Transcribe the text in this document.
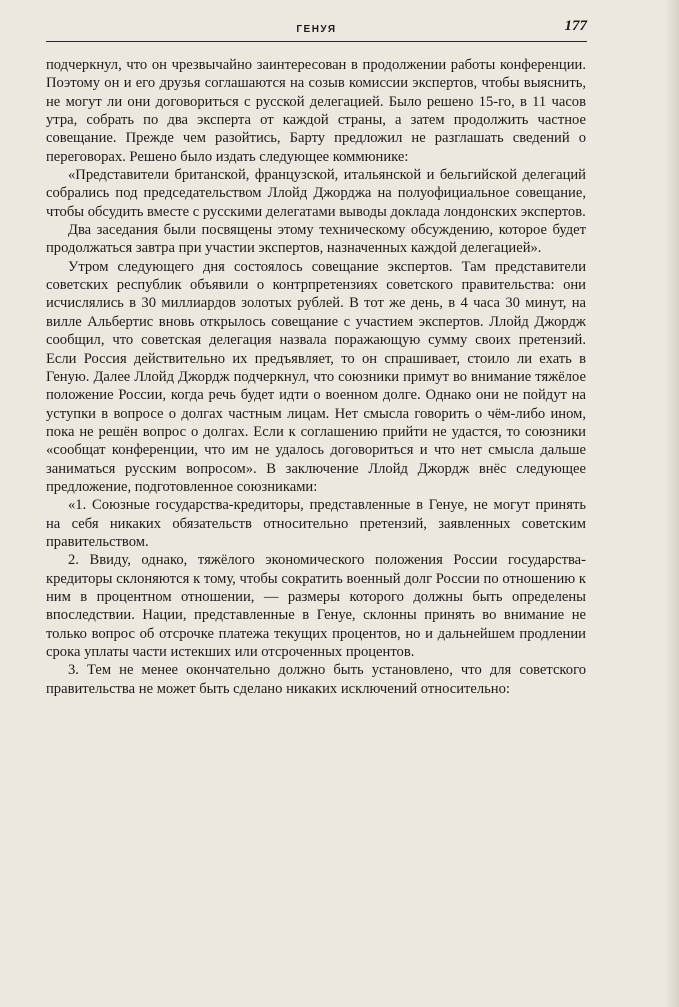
ГЕНУЯ	177

подчеркнул, что он чрезвычайно заинтересован в продолжении работы конференции. Поэтому он и его друзья соглашаются на созыв комиссии экспертов, чтобы выяснить, не могут ли они договориться с русской делегацией. Было решено 15-го, в 11 часов утра, собрать по два эксперта от каждой страны, а затем продолжить частное совещание. Прежде чем разойтись, Барту предложил не разглашать сведений о переговорах. Решено было издать следующее коммюнике:

«Представители британской, французской, итальянской и бельгийской делегаций собрались под председательством Ллойд Джорджа на полуофициальное совещание, чтобы обсудить вместе с русскими делегатами выводы доклада лондонских экспертов.

Два заседания были посвящены этому техническому обсуждению, которое будет продолжаться завтра при участии экспертов, назначенных каждой делегацией».

Утром следующего дня состоялось совещание экспертов. Там представители советских республик объявили о контрпретензиях советского правительства: они исчислялись в 30 миллиардов золотых рублей. В тот же день, в 4 часа 30 минут, на вилле Альбертис вновь открылось совещание с участием экспертов. Ллойд Джордж сообщил, что советская делегация назвала поражающую сумму своих претензий. Если Россия действительно их предъявляет, то он спрашивает, стоило ли ехать в Геную. Далее Ллойд Джордж подчеркнул, что союзники примут во внимание тяжёлое положение России, когда речь будет идти о военном долге. Однако они не пойдут на уступки в вопросе о долгах частным лицам. Нет смысла говорить о чём-либо ином, пока не решён вопрос о долгах. Если к соглашению прийти не удастся, то союзники «сообщат конференции, что им не удалось договориться и что нет смысла дальше заниматься русским вопросом». В заключение Ллойд Джордж внёс следующее предложение, подготовленное союзниками:

«1. Союзные государства-кредиторы, представленные в Генуе, не могут принять на себя никаких обязательств относительно претензий, заявленных советским правительством.

2. Ввиду, однако, тяжёлого экономического положения России государства-кредиторы склоняются к тому, чтобы сократить военный долг России по отношению к ним в процентном отношении, — размеры которого должны быть определены впоследствии. Нации, представленные в Генуе, склонны принять во внимание не только вопрос об отсрочке платежа текущих процентов, но и дальнейшем продлении срока уплаты части истекших или отсроченных процентов.

3. Тем не менее окончательно должно быть установлено, что для советского правительства не может быть сделано никаких исключений относительно:
